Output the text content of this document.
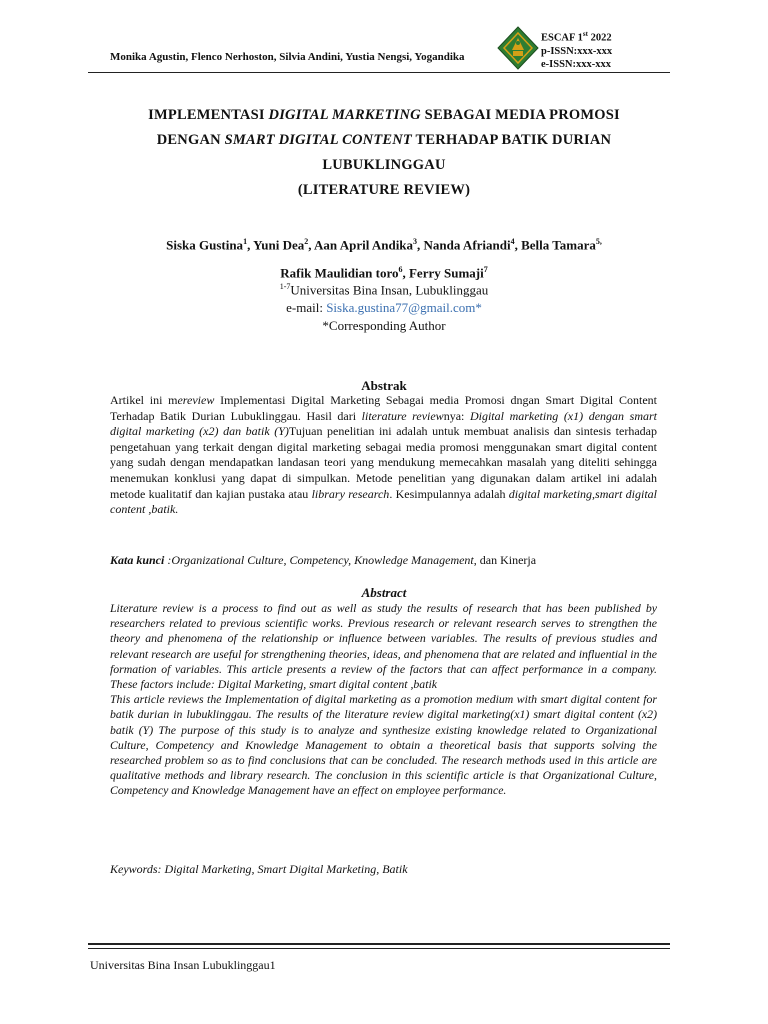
Monika Agustin, Flenco Nerhoston, Silvia Andini, Yustia Nengsi, Yogandika
ESCAF 1st 2022
p-ISSN:xxx-xxx
e-ISSN:xxx-xxx
IMPLEMENTASI DIGITAL MARKETING SEBAGAI MEDIA PROMOSI
DENGAN SMART DIGITAL CONTENT TERHADAP BATIK DURIAN
LUBUKLINGGAU
(LITERATURE REVIEW)
Siska Gustina$^1$, Yuni Dea$^2$, Aan April Andika$^3$, Nanda Afriandi$^4$, Bella Tamara$^{5,}$
Rafik Maulidian toro$^6$, Ferry Sumaji$^7$
$^{1-7}$Universitas Bina Insan, Lubuklinggau
e-mail: Siska.gustina77@gmail.com*
*Corresponding Author
Abstrak
Artikel ini mereview Implementasi Digital Marketing Sebagai media Promosi dngan Smart Digital Content Terhadap Batik Durian Lubuklinggau. Hasil dari literature reviewnya: Digital marketing (x1) dengan smart digital marketing (x2) dan batik (Y)Tujuan penelitian ini adalah untuk membuat analisis dan sintesis terhadap pengetahuan yang terkait dengan digital marketing sebagai media promosi menggunakan smart digital content yang sudah dengan mendapatkan landasan teori yang mendukung memecahkan masalah yang diteliti sehingga menemukan konklusi yang dapat di simpulkan. Metode penelitian yang digunakan dalam artikel ini adalah metode kualitatif dan kajian pustaka atau library research. Kesimpulannya adalah digital marketing,smart digital content ,batik.
Kata kunci :Organizational Culture, Competency, Knowledge Management, dan Kinerja
Abstract

Literature review is a process to find out as well as study the results of research that has been published by researchers related to previous scientific works. Previous research or relevant research serves to strengthen the theory and phenomena of the relationship or influence between variables. The results of previous studies and relevant research are useful for strengthening theories, ideas, and phenomena that are related and influential in the formation of variables. This article presents a review of the factors that can affect performance in a company. These factors include: Digital Marketing, smart digital content ,batik

This article reviews the Implementation of digital marketing as a promotion medium with smart digital content for batik durian in lubuklinggau. The results of the literature review digital marketing(x1) smart digital content (x2) batik (Y) The purpose of this study is to analyze and synthesize existing knowledge related to Organizational Culture, Competency and Knowledge Management to obtain a theoretical basis that supports solving the researched problem so as to find conclusions that can be concluded. The research methods used in this article are qualitative methods and library research. The conclusion in this scientific article is that Organizational Culture, Competency and Knowledge Management have an effect on employee performance.

Keywords: Digital Marketing, Smart Digital Marketing, Batik
Universitas Bina Insan Lubuklinggau1
